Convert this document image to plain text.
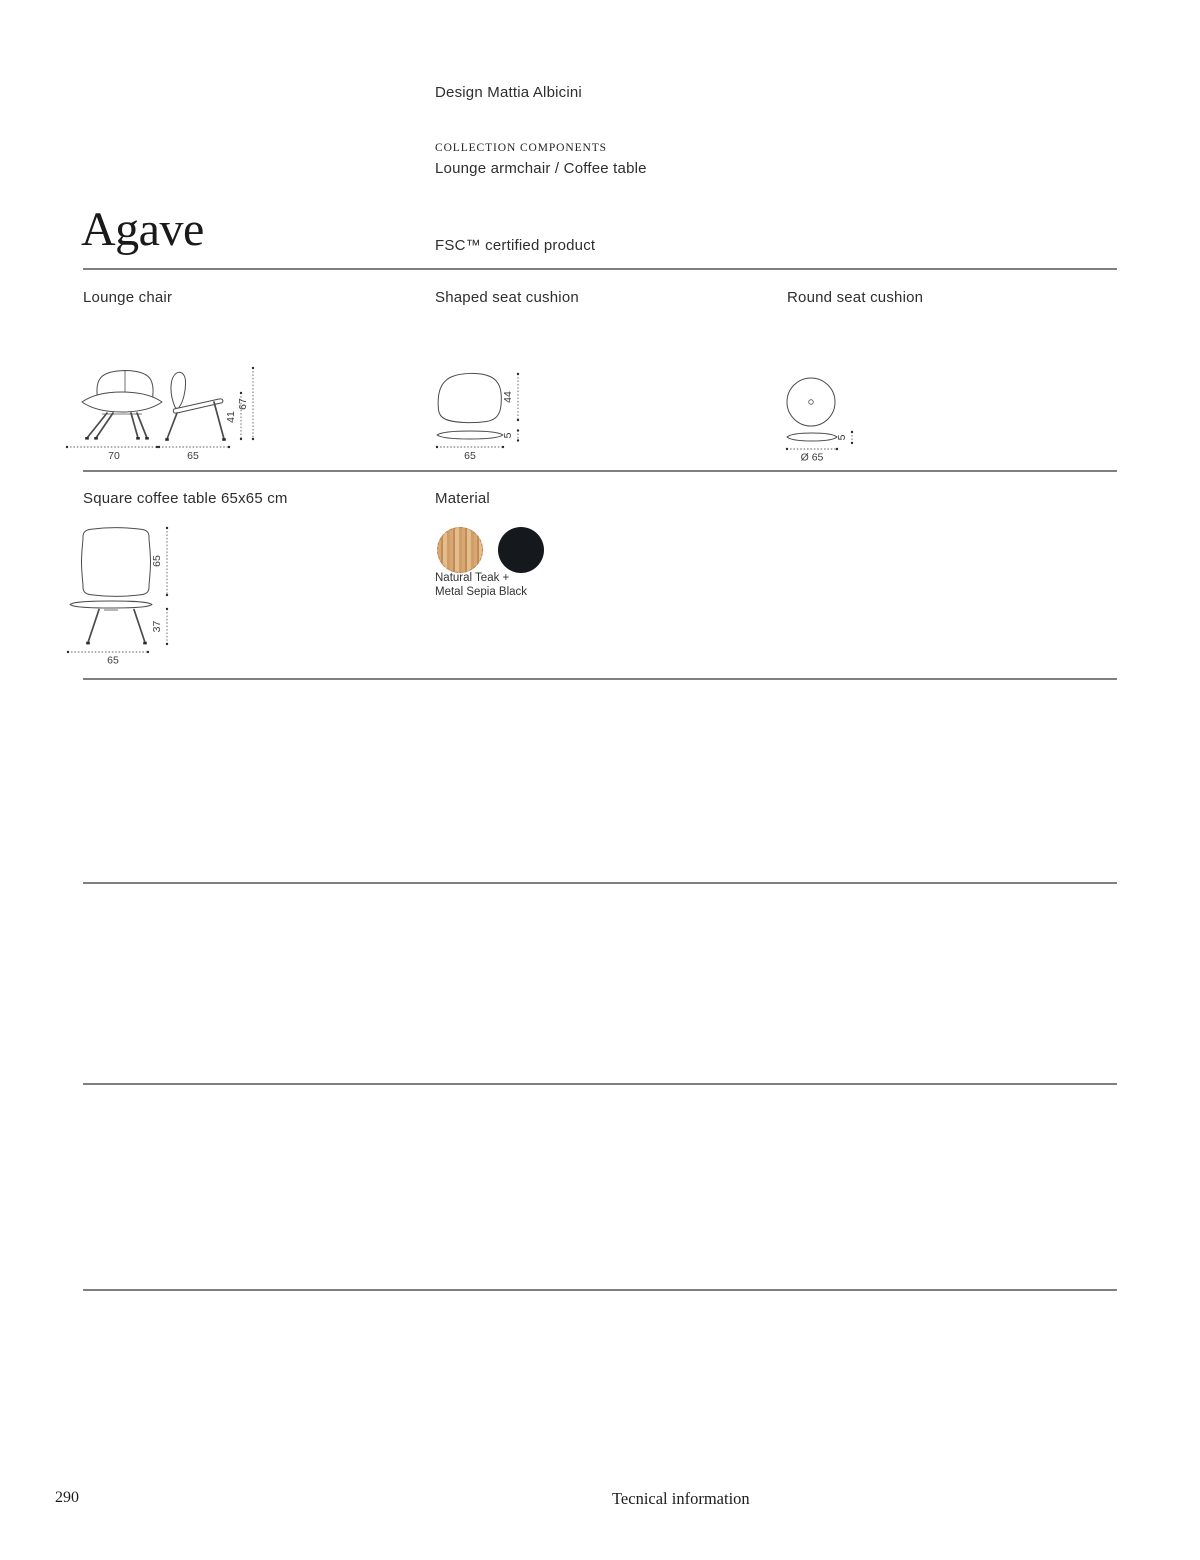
Design Mattia Albicini
COLLECTION COMPONENTS
Lounge armchair / Coffee table
Agave	FSC™ certified product
Lounge chair	Shaped seat cushion	Round seat cushion
70	65
41
67
44
5
65
5
Ø 65
Square coffee table 65x65 cm	Material
65
37
65
Natural Teak +
Metal Sepia Black
290	Tecnical information
